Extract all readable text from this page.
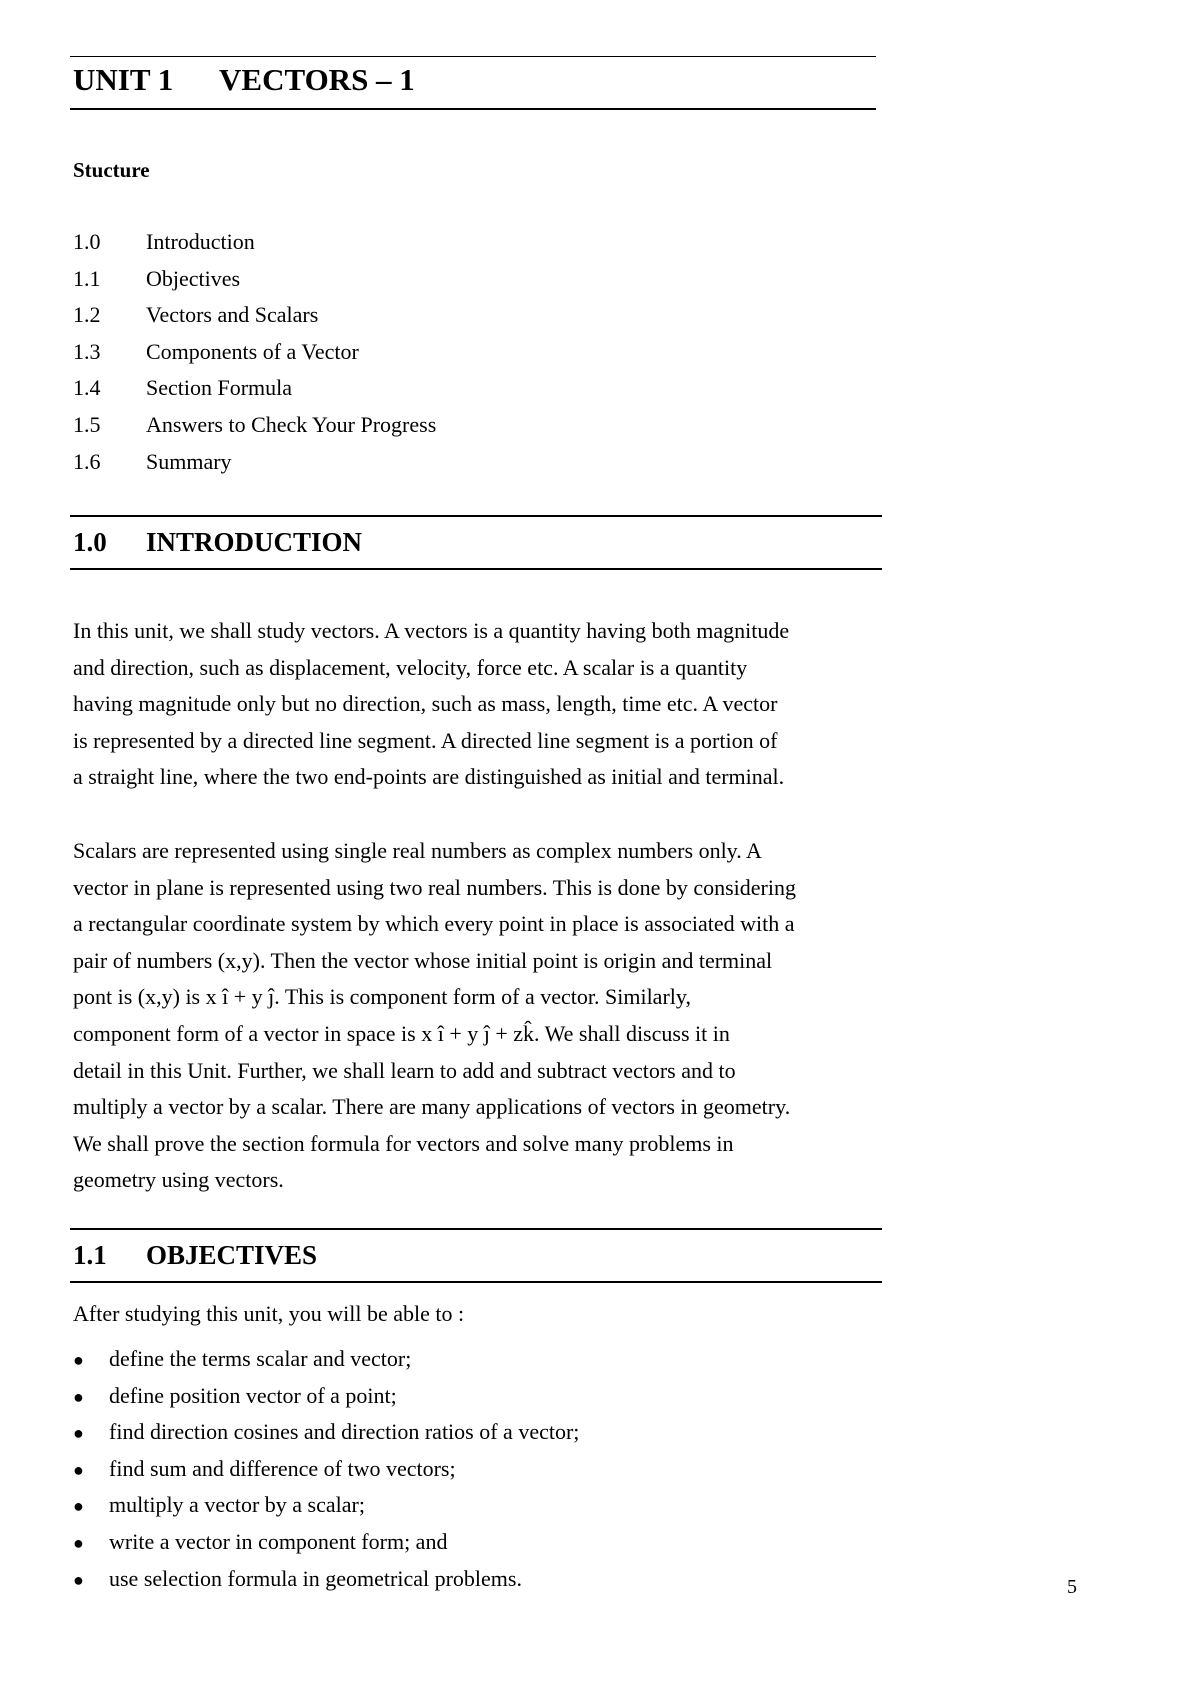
UNIT 1 VECTORS – 1

Stucture

1.0 Introduction
1.1 Objectives
1.2 Vectors and Scalars
1.3 Components of a Vector
1.4 Section Formula
1.5 Answers to Check Your Progress
1.6 Summary
1.0 INTRODUCTION
In this unit, we shall study vectors. A vectors is a quantity having both magnitude
and direction, such as displacement, velocity, force etc. A scalar is a quantity
having magnitude only but no direction, such as mass, length, time etc. A vector
is represented by a directed line segment. A directed line segment is a portion of
a straight line, where the two end-points are distinguished as initial and terminal.
Scalars are represented using single real numbers as complex numbers only. A
vector in plane is represented using two real numbers. This is done by considering
a rectangular coordinate system by which every point in place is associated with a
pair of numbers (x,y). Then the vector whose initial point is origin and terminal
pont is (x,y) is x î + y ĵ. This is component form of a vector. Similarly,
component form of a vector in space is x î + y ĵ + zk̂. We shall discuss it in
detail in this Unit. Further, we shall learn to add and subtract vectors and to
multiply a vector by a scalar. There are many applications of vectors in geometry.
We shall prove the section formula for vectors and solve many problems in
geometry using vectors.
1.1 OBJECTIVES

After studying this unit, you will be able to :

● define the terms scalar and vector;
● define position vector of a point;
● find direction cosines and direction ratios of a vector;
● find sum and difference of two vectors;
● multiply a vector by a scalar;
● write a vector in component form; and
● use selection formula in geometrical problems.	5
